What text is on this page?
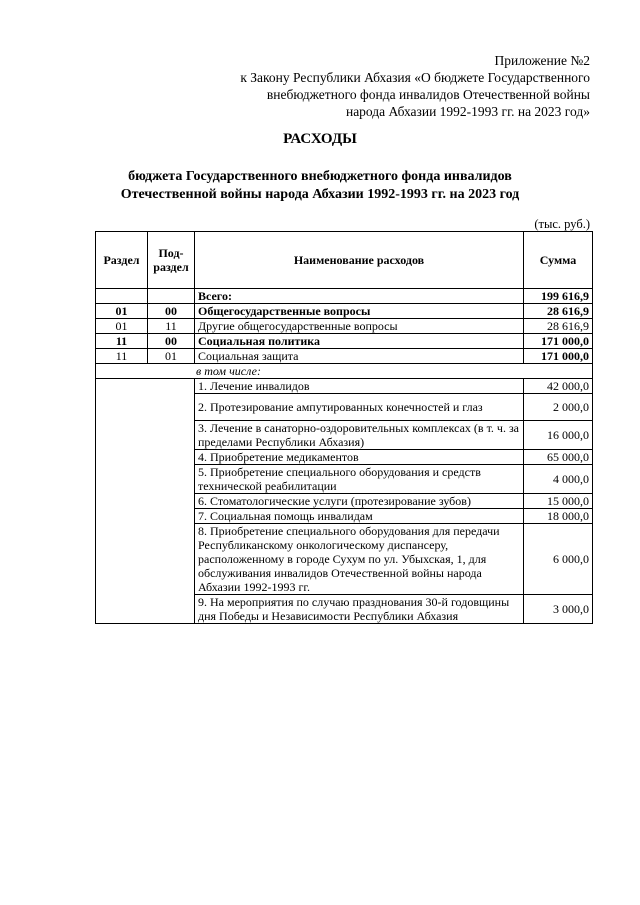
Приложение №2
к Закону Республики Абхазия «О бюджете Государственного
внебюджетного фонда инвалидов Отечественной войны
народа Абхазии 1992-1993 гг. на 2023 год»
РАСХОДЫ
бюджета Государственного внебюджетного фонда инвалидов
Отечественной войны народа Абхазии 1992-1993 гг. на 2023 год
(тыс. руб.)
Раздел	Под-раздел	Наименование расходов	Сумма
		Всего:	199 616,9
01	00	Общегосударственные вопросы	28 616,9
01	11	Другие общегосударственные вопросы	28 616,9
11	00	Социальная политика	171 000,0
11	01	Социальная защита	171 000,0
в том числе:			
		1. Лечение инвалидов	42 000,0
		2. Протезирование ампутированных конечностей и глаз	2 000,0
		3. Лечение в санаторно-оздоровительных комплексах (в т. ч. за пределами Республики Абхазия)	16 000,0
		4. Приобретение медикаментов	65 000,0
		5. Приобретение специального оборудования и средств технической реабилитации	4 000,0
		6. Стоматологические услуги (протезирование зубов)	15 000,0
		7. Социальная помощь инвалидам	18 000,0
		8. Приобретение специального оборудования для передачи Республиканскому онкологическому диспансеру, расположенному в городе Сухум по ул. Убыхская, 1, для обслуживания инвалидов Отечественной войны народа Абхазии 1992-1993 гг.	6 000,0
		9. На мероприятия по случаю празднования 30-й годовщины дня Победы и Независимости Республики Абхазия	3 000,0
